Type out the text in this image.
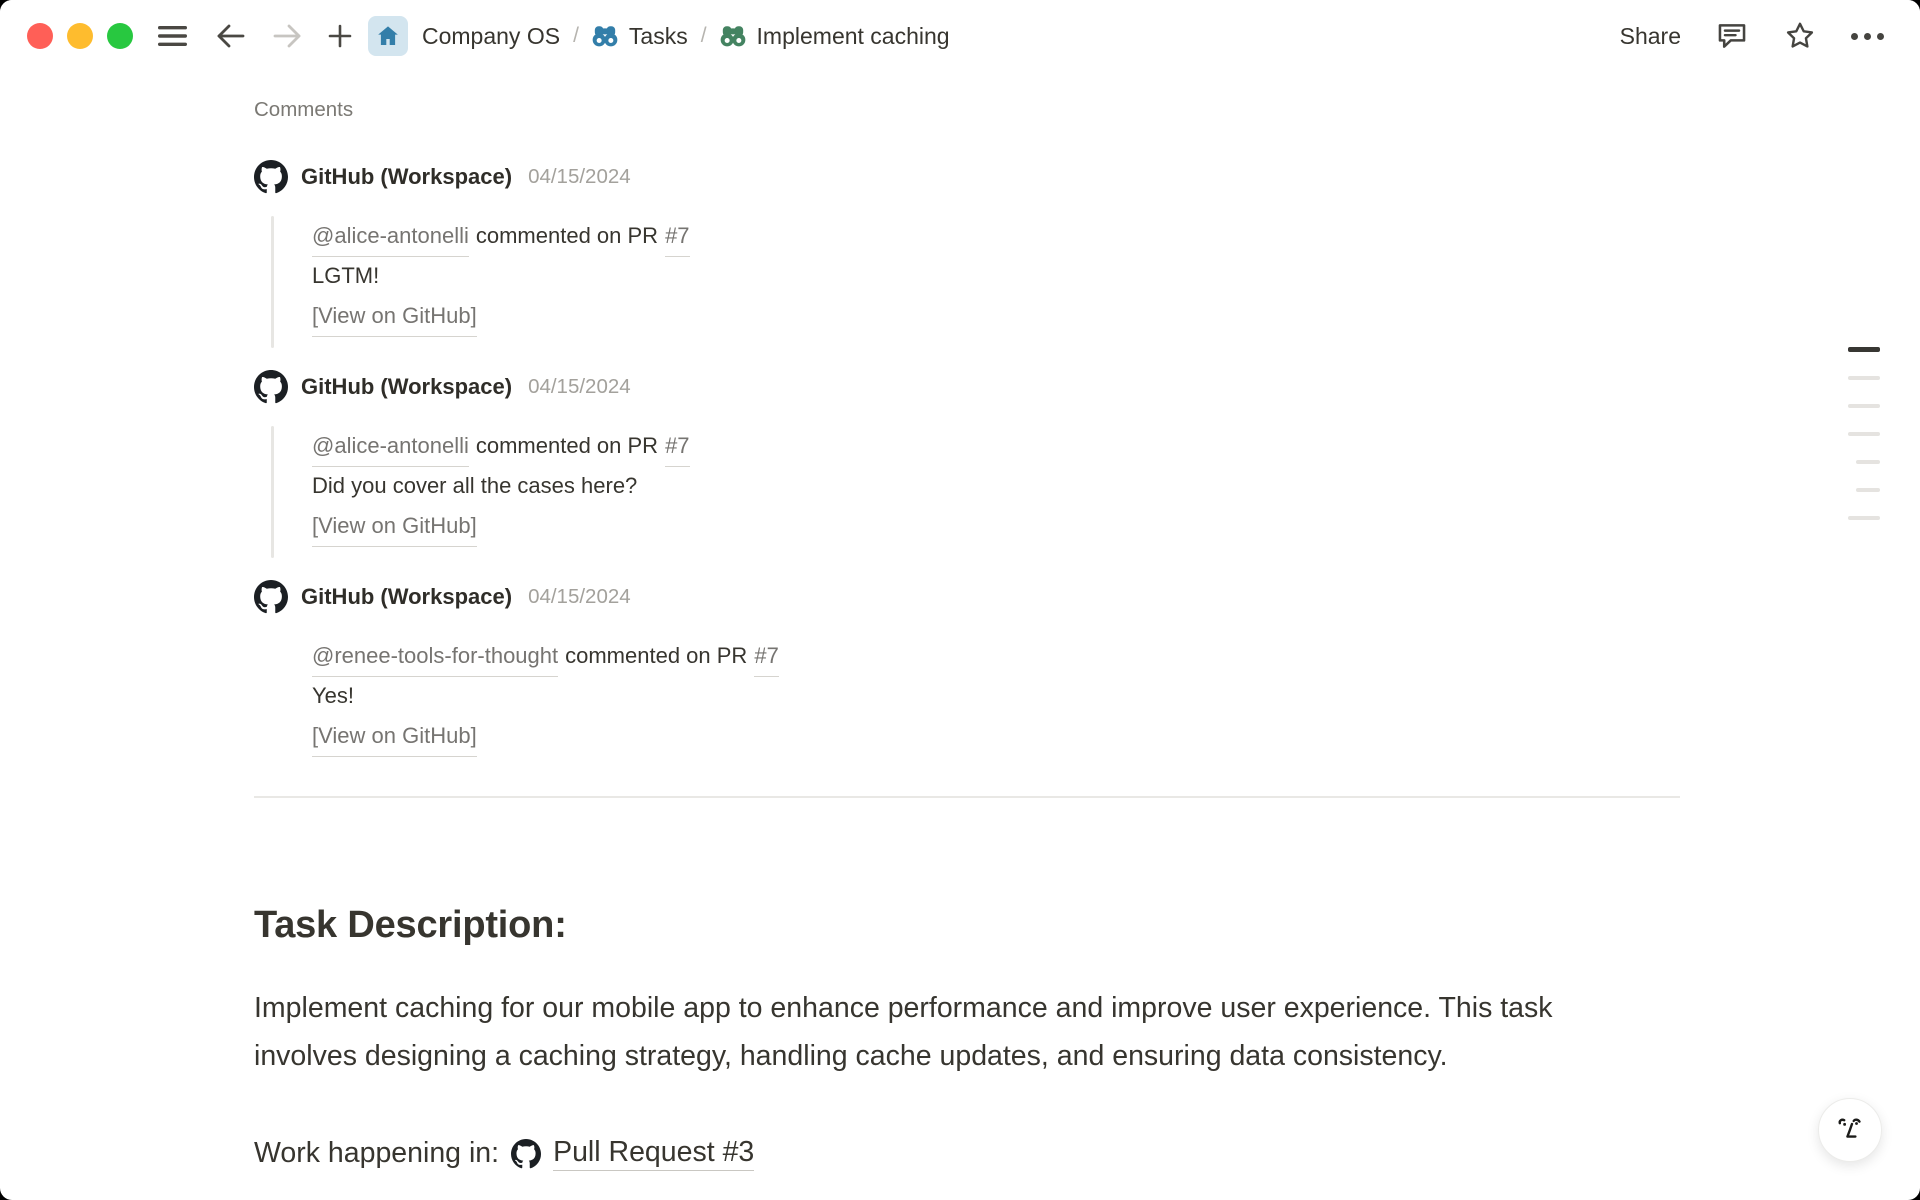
Company OS / Tasks / Implement caching	Share
Comments
GitHub (Workspace) 04/15/2024
@alice-antonelli commented on PR #7
LGTM!
[View on GitHub]
GitHub (Workspace) 04/15/2024
@alice-antonelli commented on PR #7
Did you cover all the cases here?
[View on GitHub]
GitHub (Workspace) 04/15/2024
@renee-tools-for-thought commented on PR #7
Yes!
[View on GitHub]
Task Description:

Implement caching for our mobile app to enhance performance and improve user experience. This task involves designing a caching strategy, handling cache updates, and ensuring data consistency.

Work happening in: Pull Request #3
